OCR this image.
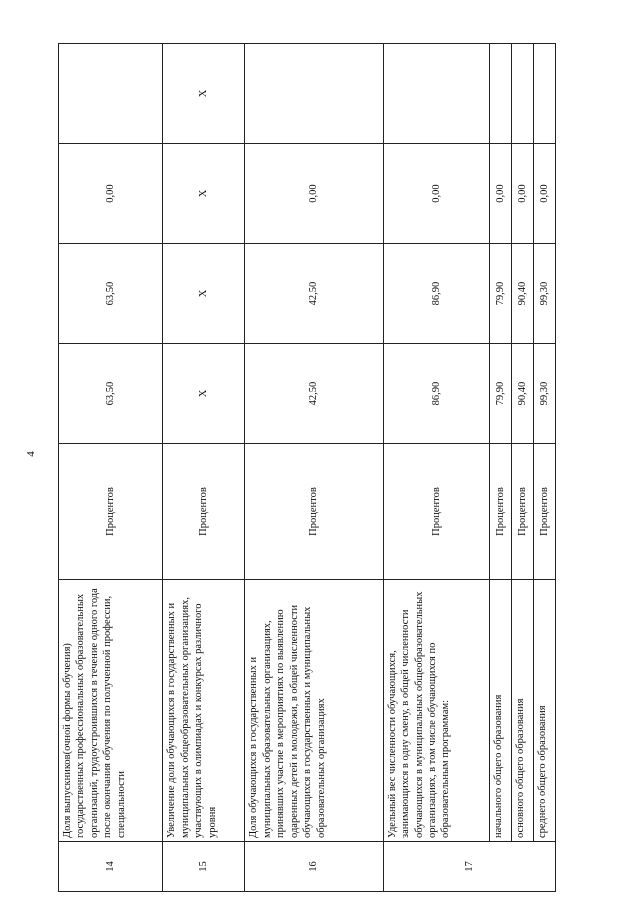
4
14	Доля выпускников(очной формы обучения) государственных профессиональных образовательных организаций, трудоустроившихся в течение одного года после окончания обучения по полученной профессии, специальности	Процентов	63,50	63,50	0,00	
15	Увеличение доли обучающихся в государственных и муниципальных общеобразовательных организациях, участвующих в олимпиадах и конкурсах различного уровня	Процентов	X	X	X	X
16	Доля обучающихся в государственных и муниципальных образовательных организациях, принявших участие в мероприятиях по выявлению одаренных детей и молодежи, в общей численности обучающихся в государственных и муниципальных образовательных организациях	Процентов	42,50	42,50	0,00	
17	Удельный вес численности обучающихся, занимающихся в одну смену, в общей численности обучающихся в муниципальных общеобразовательных организациях, в том числе обучающихся по образовательным программам:	Процентов	86,90	86,90	0,00	
	начального общего образования	Процентов	79,90	79,90	0,00	
	основного общего образования	Процентов	90,40	90,40	0,00	
	среднего общего образования	Процентов	99,30	99,30	0,00	
